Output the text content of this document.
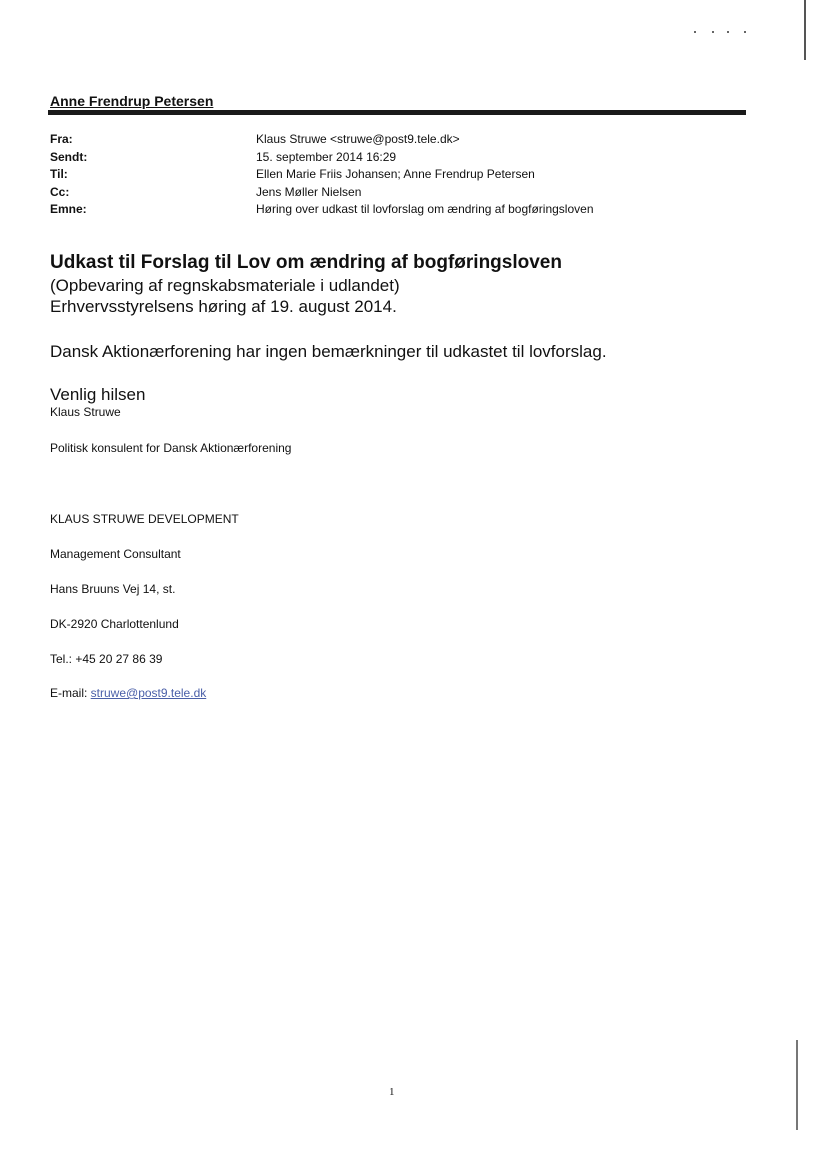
Anne Frendrup Petersen
Fra:	Klaus Struwe <struwe@post9.tele.dk>
Sendt:	15. september 2014 16:29
Til:	Ellen Marie Friis Johansen; Anne Frendrup Petersen
Cc:	Jens Møller Nielsen
Emne:	Høring over udkast til lovforslag om ændring af bogføringsloven
Udkast til Forslag til Lov om ændring af bogføringsloven

(Opbevaring af regnskabsmateriale i udlandet)

Erhvervsstyrelsens høring af 19. august 2014.

Dansk Aktionærforening har ingen bemærkninger til udkastet til lovforslag.

Venlig hilsen

Klaus Struwe

Politisk konsulent for Dansk Aktionærforening

KLAUS STRUWE DEVELOPMENT

Management Consultant

Hans Bruuns Vej 14, st.

DK-2920 Charlottenlund

Tel.: +45 20 27 86 39

E-mail: struwe@post9.tele.dk

1
